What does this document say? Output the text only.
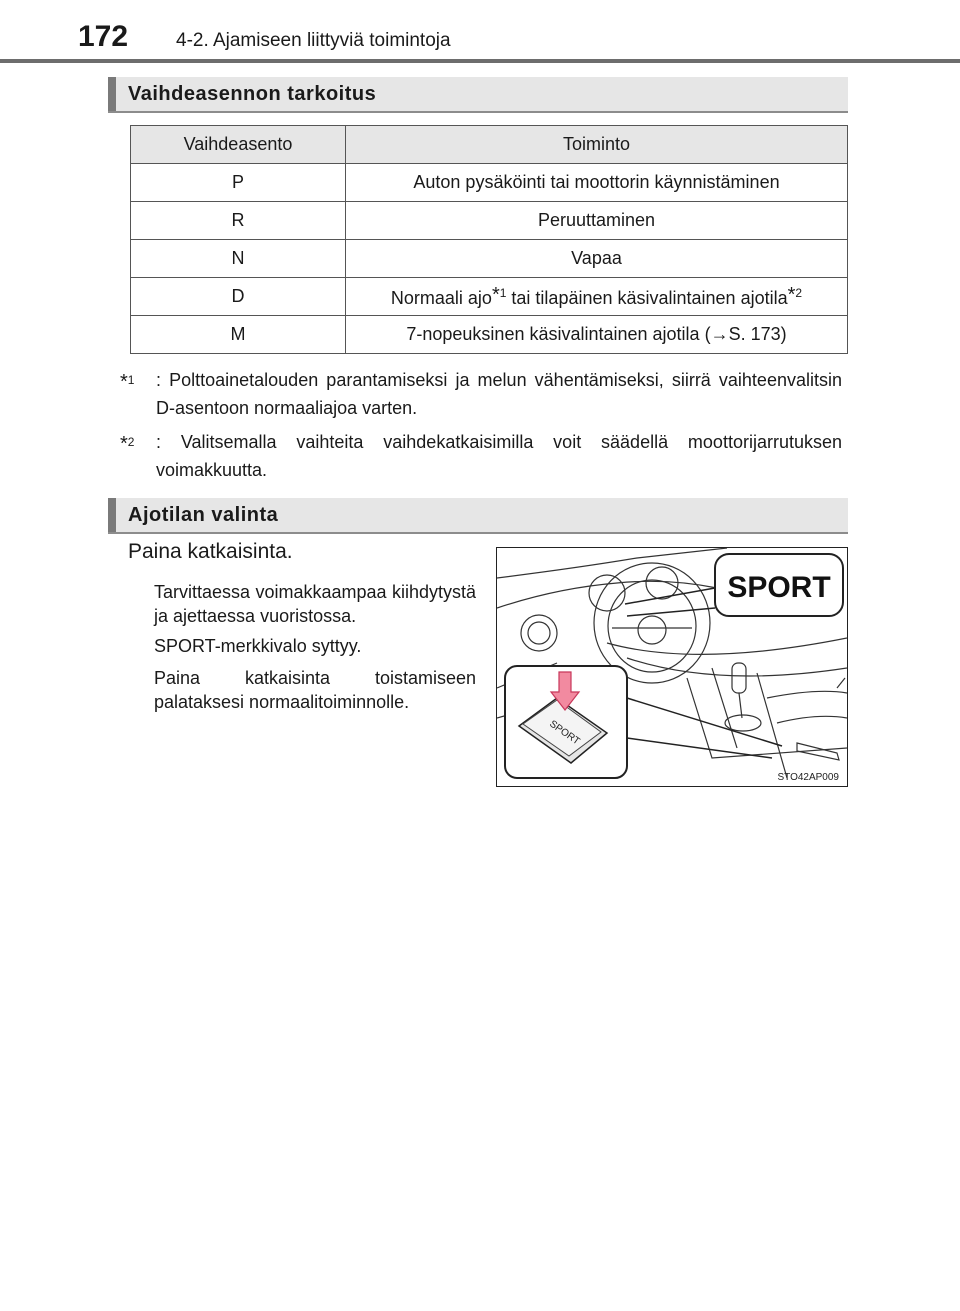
172	4-2. Ajamiseen liittyviä toimintoja
Vaihdeasennon tarkoitus
Vaihdeasento	Toiminto
P	Auton pysäköinti tai moottorin käynnistäminen
R	Peruuttaminen
N	Vapaa
D	Normaali ajo*$^1$ tai tilapäinen käsivalintainen ajotila*$^2$
M	7-nopeuksinen käsivalintainen ajotila (→S. 173)
*$^1$ : Polttoainetalouden parantamiseksi ja melun vähentämiseksi, siirrä vaihteenvalitsin D-asentoon normaaliajoa varten.
*$^2$ : Valitsemalla vaihteita vaihdekatkaisimilla voit säädellä moottorijarrutuksen voimakkuutta.
Ajotilan valinta
Paina katkaisinta.
Tarvittaessa voimakkaampaa kiihdytystä ja ajettaessa vuoristossa.
SPORT-merkkivalo syttyy.
Paina katkaisinta toistamiseen palataksesi normaalitoiminnolle.
SPORT
SPORT
STO42AP009
